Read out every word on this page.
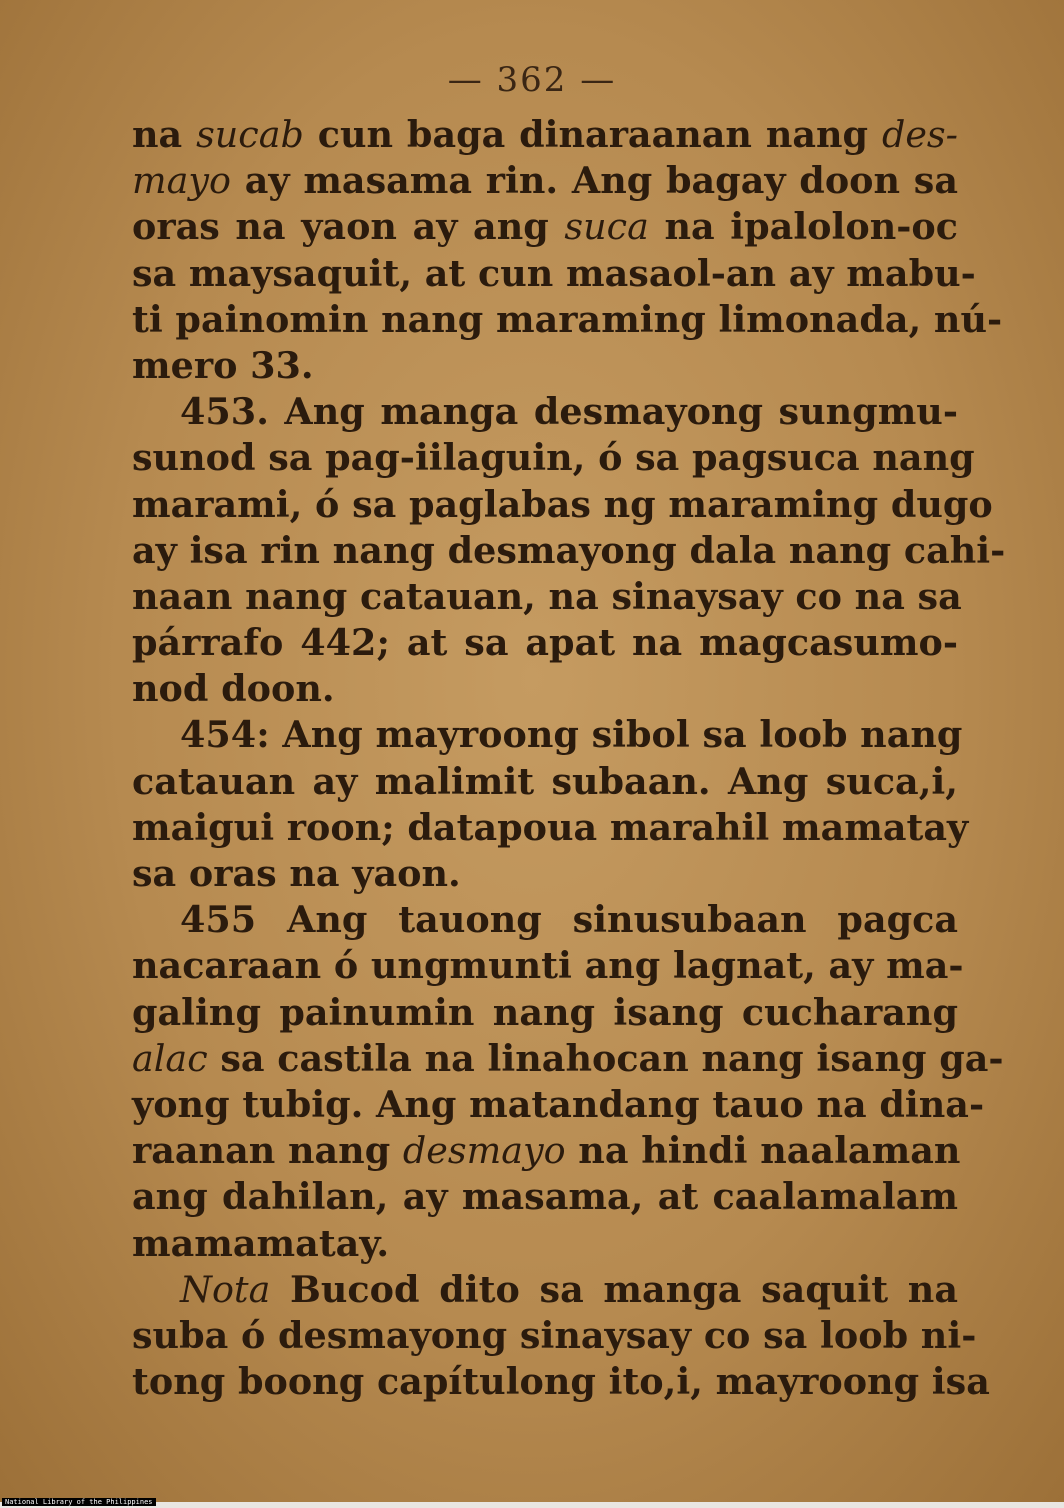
— 362 —
na sucab cun baga dinaraanan nang des-
mayo ay masama rin. Ang bagay doon sa
oras na yaon ay ang suca na ipalolon-oc
sa maysaquit, at cun masaol-an ay mabu-
ti painomin nang maraming limonada, nú-
mero 33.
453. Ang manga desmayong sungmu-
sunod sa pag-iilaguin, ó sa pagsuca nang
marami, ó sa paglabas ng maraming dugo
ay isa rin nang desmayong dala nang cahi-
naan nang catauan, na sinaysay co na sa
párrafo 442; at sa apat na magcasumo-
nod doon.
454: Ang mayroong sibol sa loob nang
catauan ay malimit subaan. Ang suca,i,
maigui roon; datapoua marahil mamatay
sa oras na yaon.
455 Ang tauong sinusubaan pagca
nacaraan ó ungmunti ang lagnat, ay ma-
galing painumin nang isang cucharang
alac sa castila na linahocan nang isang ga-
yong tubig. Ang matandang tauo na dina-
raanan nang desmayo na hindi naalaman
ang dahilan, ay masama, at caalamalam
mamamatay.
Nota Bucod dito sa manga saquit na
suba ó desmayong sinaysay co sa loob ni-
tong boong capítulong ito,i, mayroong isa
National Library of the Philippines
